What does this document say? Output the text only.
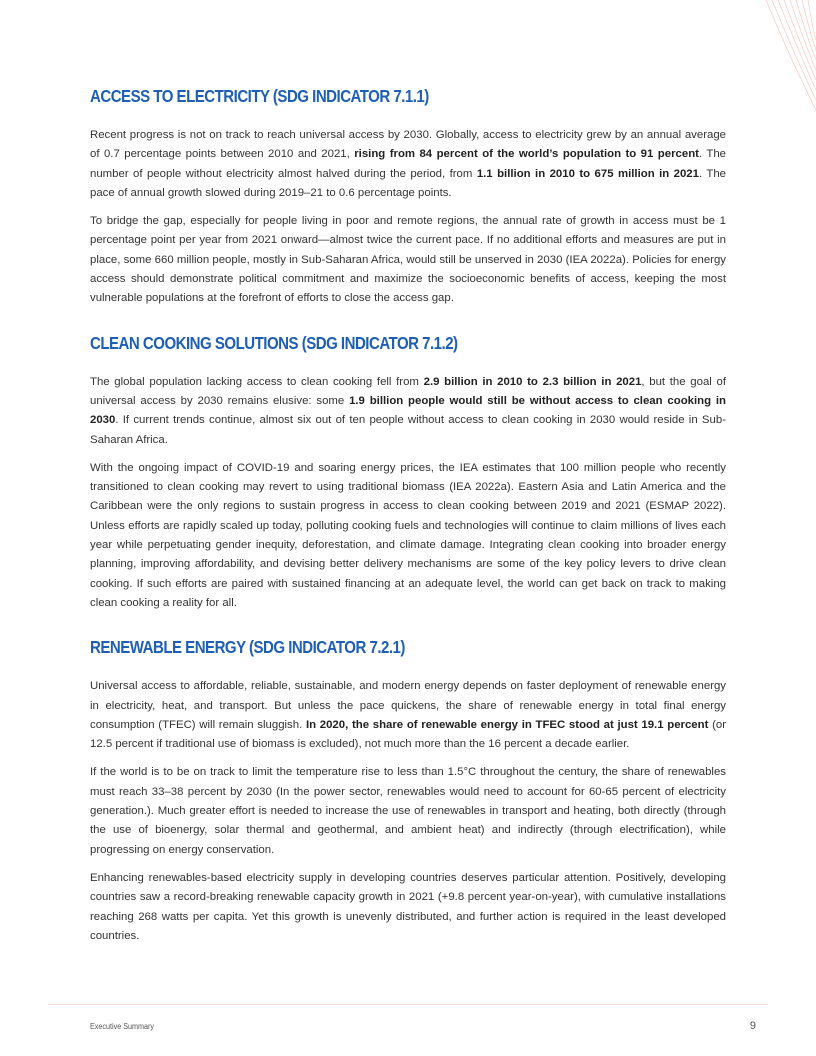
ACCESS TO ELECTRICITY (SDG INDICATOR 7.1.1)

Recent progress is not on track to reach universal access by 2030. Globally, access to electricity grew by an annual average of 0.7 percentage points between 2010 and 2021, rising from 84 percent of the world’s population to 91 percent. The number of people without electricity almost halved during the period, from 1.1 billion in 2010 to 675 million in 2021. The pace of annual growth slowed during 2019–21 to 0.6 percentage points.

To bridge the gap, especially for people living in poor and remote regions, the annual rate of growth in access must be 1 percentage point per year from 2021 onward—almost twice the current pace. If no additional efforts and measures are put in place, some 660 million people, mostly in Sub-Saharan Africa, would still be unserved in 2030 (IEA 2022a). Policies for energy access should demonstrate political commitment and maximize the socioeconomic benefits of access, keeping the most vulnerable populations at the forefront of efforts to close the access gap.

CLEAN COOKING SOLUTIONS (SDG INDICATOR 7.1.2)

The global population lacking access to clean cooking fell from 2.9 billion in 2010 to 2.3 billion in 2021, but the goal of universal access by 2030 remains elusive: some 1.9 billion people would still be without access to clean cooking in 2030. If current trends continue, almost six out of ten people without access to clean cooking in 2030 would reside in Sub-Saharan Africa.

With the ongoing impact of COVID-19 and soaring energy prices, the IEA estimates that 100 million people who recently transitioned to clean cooking may revert to using traditional biomass (IEA 2022a). Eastern Asia and Latin America and the Caribbean were the only regions to sustain progress in access to clean cooking between 2019 and 2021 (ESMAP 2022). Unless efforts are rapidly scaled up today, polluting cooking fuels and technologies will continue to claim millions of lives each year while perpetuating gender inequity, deforestation, and climate damage. Integrating clean cooking into broader energy planning, improving affordability, and devising better delivery mechanisms are some of the key policy levers to drive clean cooking. If such efforts are paired with sustained financing at an adequate level, the world can get back on track to making clean cooking a reality for all.

RENEWABLE ENERGY (SDG INDICATOR 7.2.1)

Universal access to affordable, reliable, sustainable, and modern energy depends on faster deployment of renewable energy in electricity, heat, and transport. But unless the pace quickens, the share of renewable energy in total final energy consumption (TFEC) will remain sluggish. In 2020, the share of renewable energy in TFEC stood at just 19.1 percent (or 12.5 percent if traditional use of biomass is excluded), not much more than the 16 percent a decade earlier.

If the world is to be on track to limit the temperature rise to less than 1.5°C throughout the century, the share of renewables must reach 33–38 percent by 2030 (In the power sector, renewables would need to account for 60-65 percent of electricity generation.). Much greater effort is needed to increase the use of renewables in transport and heating, both directly (through the use of bioenergy, solar thermal and geothermal, and ambient heat) and indirectly (through electrification), while progressing on energy conservation.

Enhancing renewables-based electricity supply in developing countries deserves particular attention. Positively, developing countries saw a record-breaking renewable capacity growth in 2021 (+9.8 percent year-on-year), with cumulative installations reaching 268 watts per capita. Yet this growth is unevenly distributed, and further action is required in the least developed countries.

Executive Summary	9
